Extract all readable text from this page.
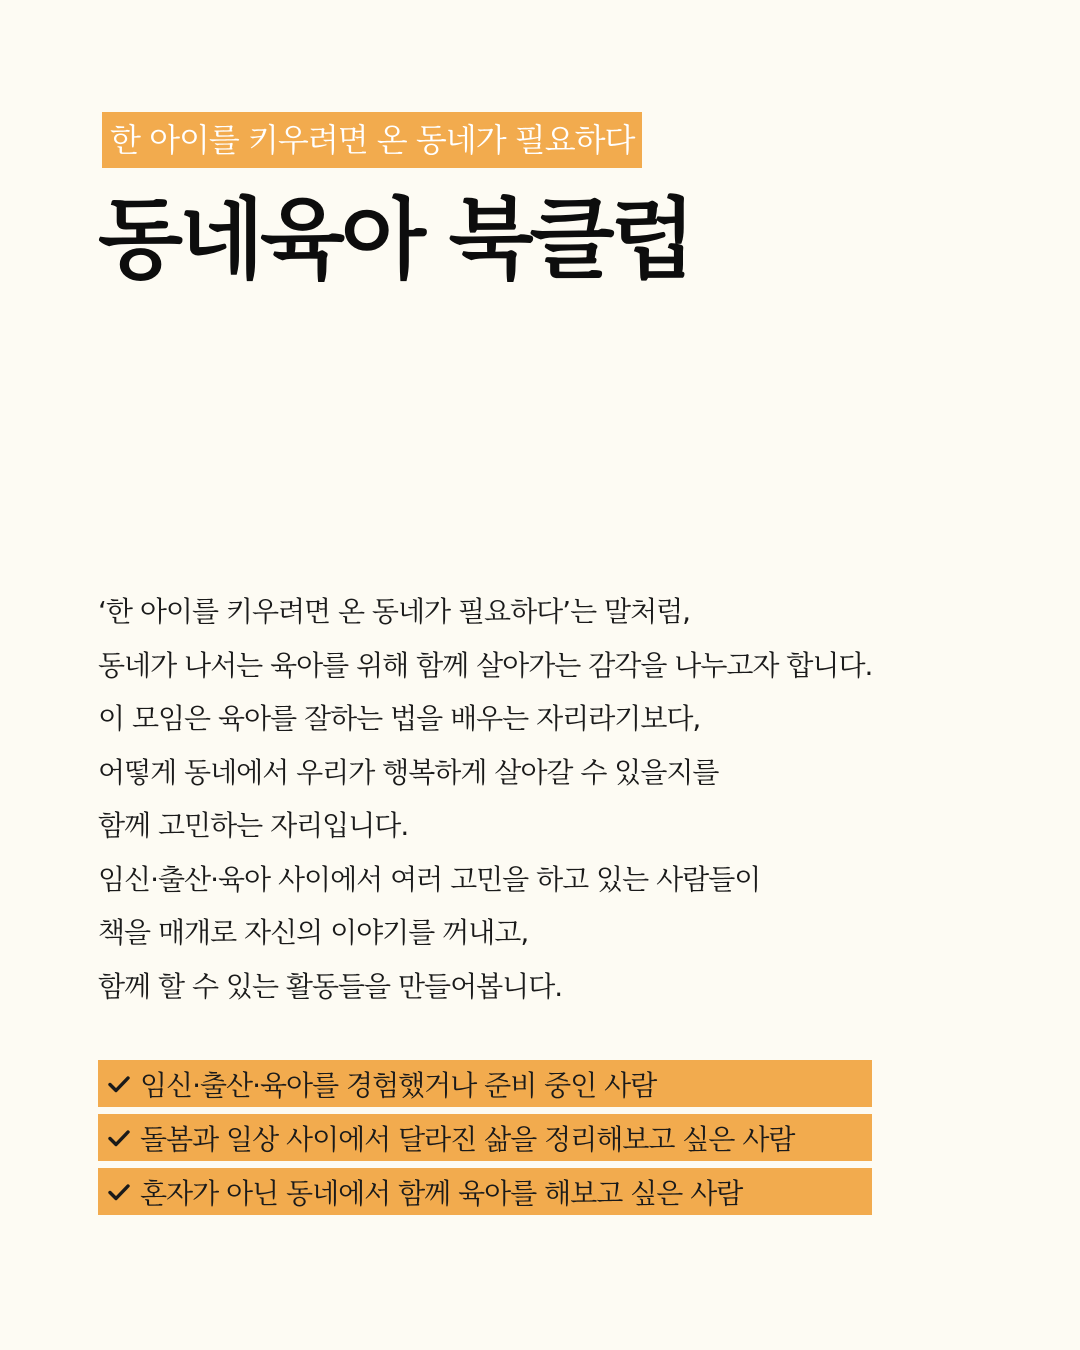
한 아이를 키우려면 온 동네가 필요하다
동네육아 북클럽
‘한 아이를 키우려면 온 동네가 필요하다’는 말처럼,
동네가 나서는 육아를 위해 함께 살아가는 감각을 나누고자 합니다.
이 모임은 육아를 잘하는 법을 배우는 자리라기보다,
어떻게 동네에서 우리가 행복하게 살아갈 수 있을지를
함께 고민하는 자리입니다.
임신·출산·육아 사이에서 여러 고민을 하고 있는 사람들이
책을 매개로 자신의 이야기를 꺼내고,
함께 할 수 있는 활동들을 만들어봅니다.
임신·출산·육아를 경험했거나 준비 중인 사람
돌봄과 일상 사이에서 달라진 삶을 정리해보고 싶은 사람
혼자가 아닌 동네에서 함께 육아를 해보고 싶은 사람
